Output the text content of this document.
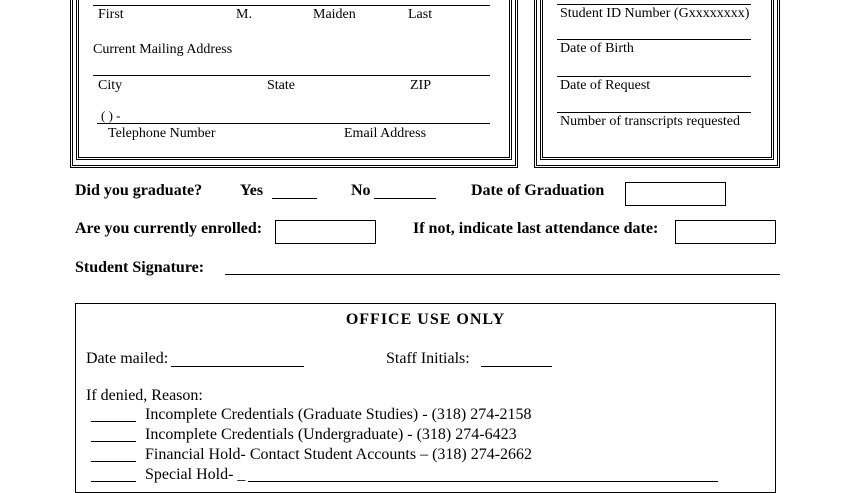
First	M.	Maiden	Last
Current Mailing Address
City	State	ZIP
( ) -
Telephone Number	Email Address
Student ID Number (Gxxxxxxxx)
Date of Birth
Date of Request
Number of transcripts requested
Did you graduate? Yes	No	Date of Graduation
Are you currently enrolled:	If not, indicate last attendance date:
Student Signature:
OFFICE USE ONLY
Date mailed:	Staff Initials:
If denied, Reason:
Incomplete Credentials (Graduate Studies) - (318) 274-2158
Incomplete Credentials (Undergraduate) - (318) 274-6423
Financial Hold- Contact Student Accounts – (318) 274-2662
Special Hold- _
